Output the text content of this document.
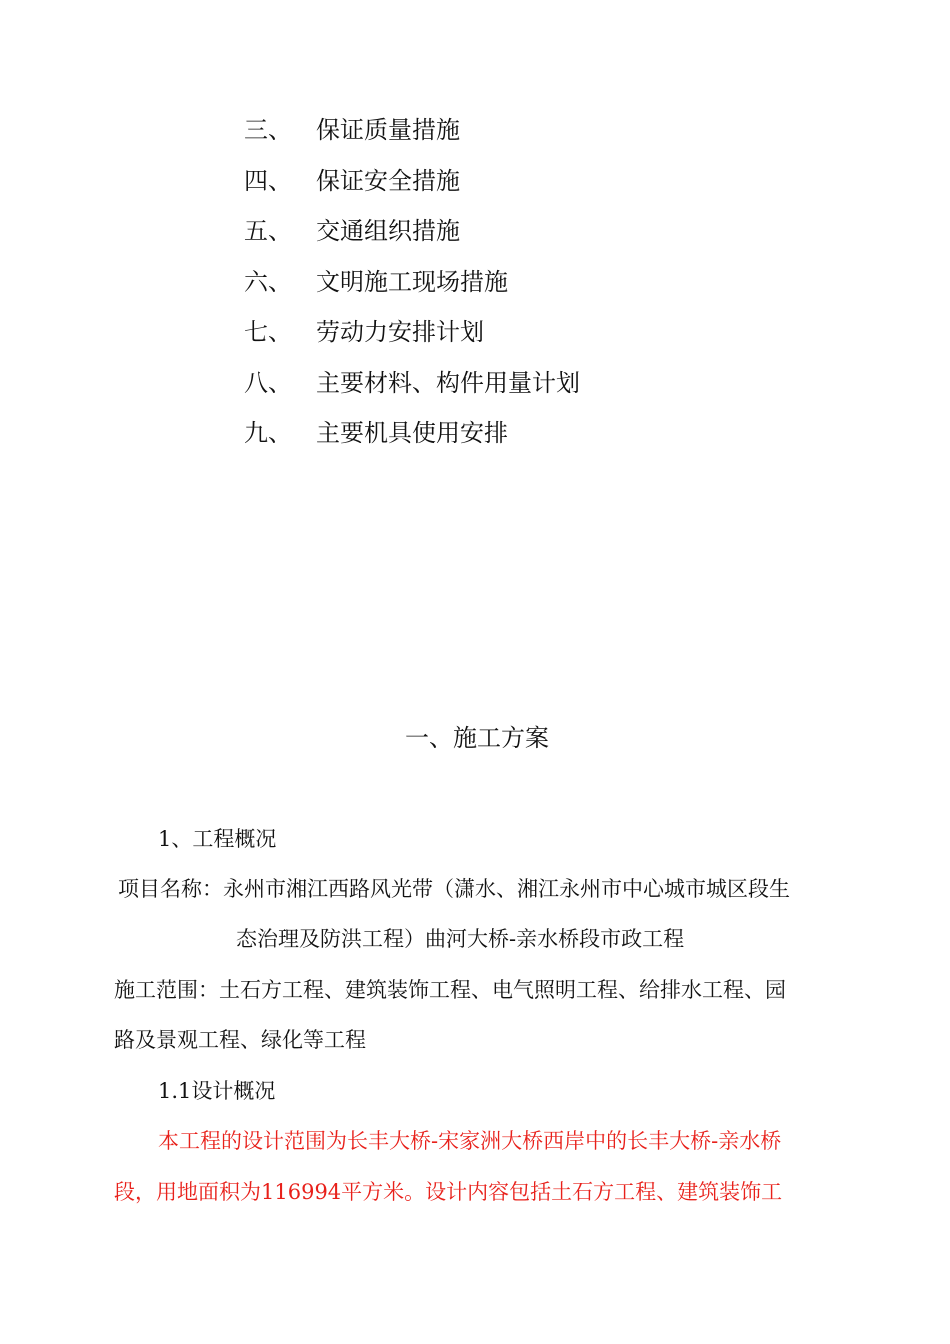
三、 保证质量措施
四、 保证安全措施
五、 交通组织措施
六、 文明施工现场措施
七、 劳动力安排计划
八、 主要材料、构件用量计划
九、 主要机具使用安排
一、施工方案
1、工程概况
项目名称：永州市湘江西路风光带（潇水、湘江永州市中心城市城区段生
态治理及防洪工程）曲河大桥-亲水桥段市政工程
施工范围：土石方工程、建筑装饰工程、电气照明工程、给排水工程、园
路及景观工程、绿化等工程
1.1设计概况
本工程的设计范围为长丰大桥-宋家洲大桥西岸中的长丰大桥-亲水桥
段，用地面积为116994平方米。设计内容包括土石方工程、建筑装饰工
